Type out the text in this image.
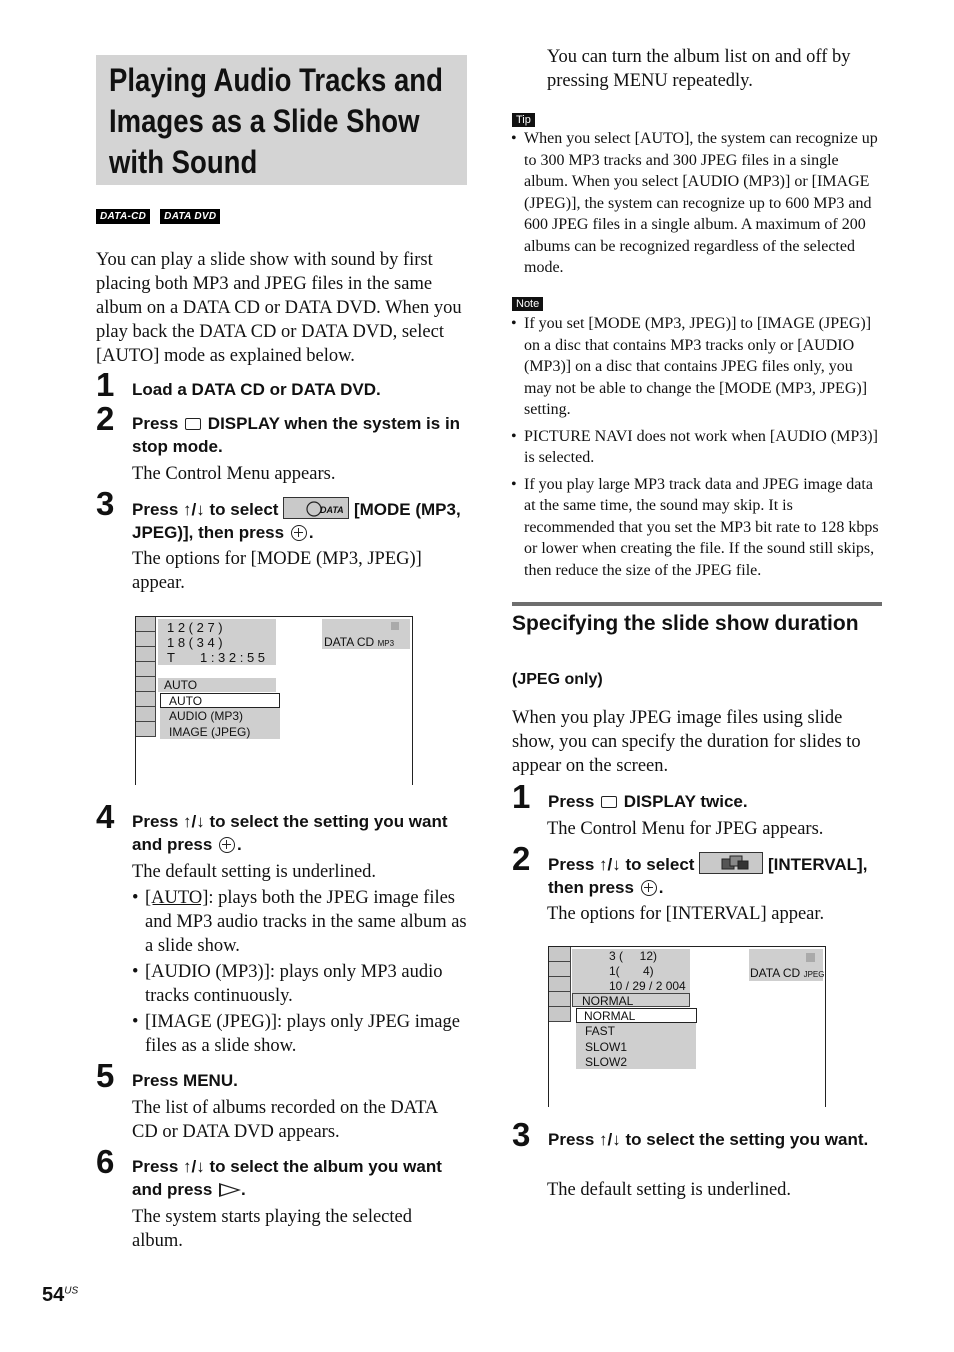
Playing Audio Tracks and Images as a Slide Show with Sound
DATA-CD DATA DVD
You can play a slide show with sound by first placing both MP3 and JPEG files in the same album on a DATA CD or DATA DVD. When you play back the DATA CD or DATA DVD, select [AUTO] mode as explained below.
1 Load a DATA CD or DATA DVD.
2 Press DISPLAY when the system is in stop mode.
The Control Menu appears.
3 Press ↑/↓ to select	DATA [MODE (MP3, JPEG)], then press .
The options for [MODE (MP3, JPEG)] appear.
1 2 ( 2 7 )
1 8 ( 3 4 )
T       1 : 3 2 : 5 5
DATA CD MP3
AUTO
AUTO
AUDIO (MP3)
IMAGE (JPEG)
4 Press ↑/↓ to select the setting you want and press .
The default setting is underlined.
• [AUTO]: plays both the JPEG image files and MP3 audio tracks in the same album as a slide show.
• [AUDIO (MP3)]: plays only MP3 audio tracks continuously.
• [IMAGE (JPEG)]: plays only JPEG image files as a slide show.
5 Press MENU.
The list of albums recorded on the DATA CD or DATA DVD appears.
6 Press ↑/↓ to select the album you want and press .
The system starts playing the selected album.
$54^{US}$
You can turn the album list on and off by pressing MENU repeatedly.
Tip
• When you select [AUTO], the system can recognize up to 300 MP3 tracks and 300 JPEG files in a single album. When you select [AUDIO (MP3)] or [IMAGE (JPEG)], the system can recognize up to 600 MP3 and 600 JPEG files in a single album. A maximum of 200 albums can be recognized regardless of the selected mode.
Note
• If you set [MODE (MP3, JPEG)] to [IMAGE (JPEG)] on a disc that contains MP3 tracks only or [AUDIO (MP3)] on a disc that contains JPEG files only, you may not be able to change the [MODE (MP3, JPEG)] setting.
• PICTURE NAVI does not work when [AUDIO (MP3)] is selected.
• If you play large MP3 track data and JPEG image data at the same time, the sound may skip. It is recommended that you set the MP3 bit rate to 128 kbps or lower when creating the file. If the sound still skips, then reduce the size of the JPEG file.
Specifying the slide show duration
(JPEG only)
When you play JPEG image files using slide show, you can specify the duration for slides to appear on the screen.
1 Press DISPLAY twice.
The Control Menu for JPEG appears.
2 Press ↑/↓ to select	[INTERVAL], then press .
The options for [INTERVAL] appear.
3 (     12)
1(       4)
10 / 29 / 2 004
DATA CD JPEG
NORMAL
NORMAL
FAST
SLOW1
SLOW2
3 Press ↑/↓ to select the setting you want.
The default setting is underlined.
